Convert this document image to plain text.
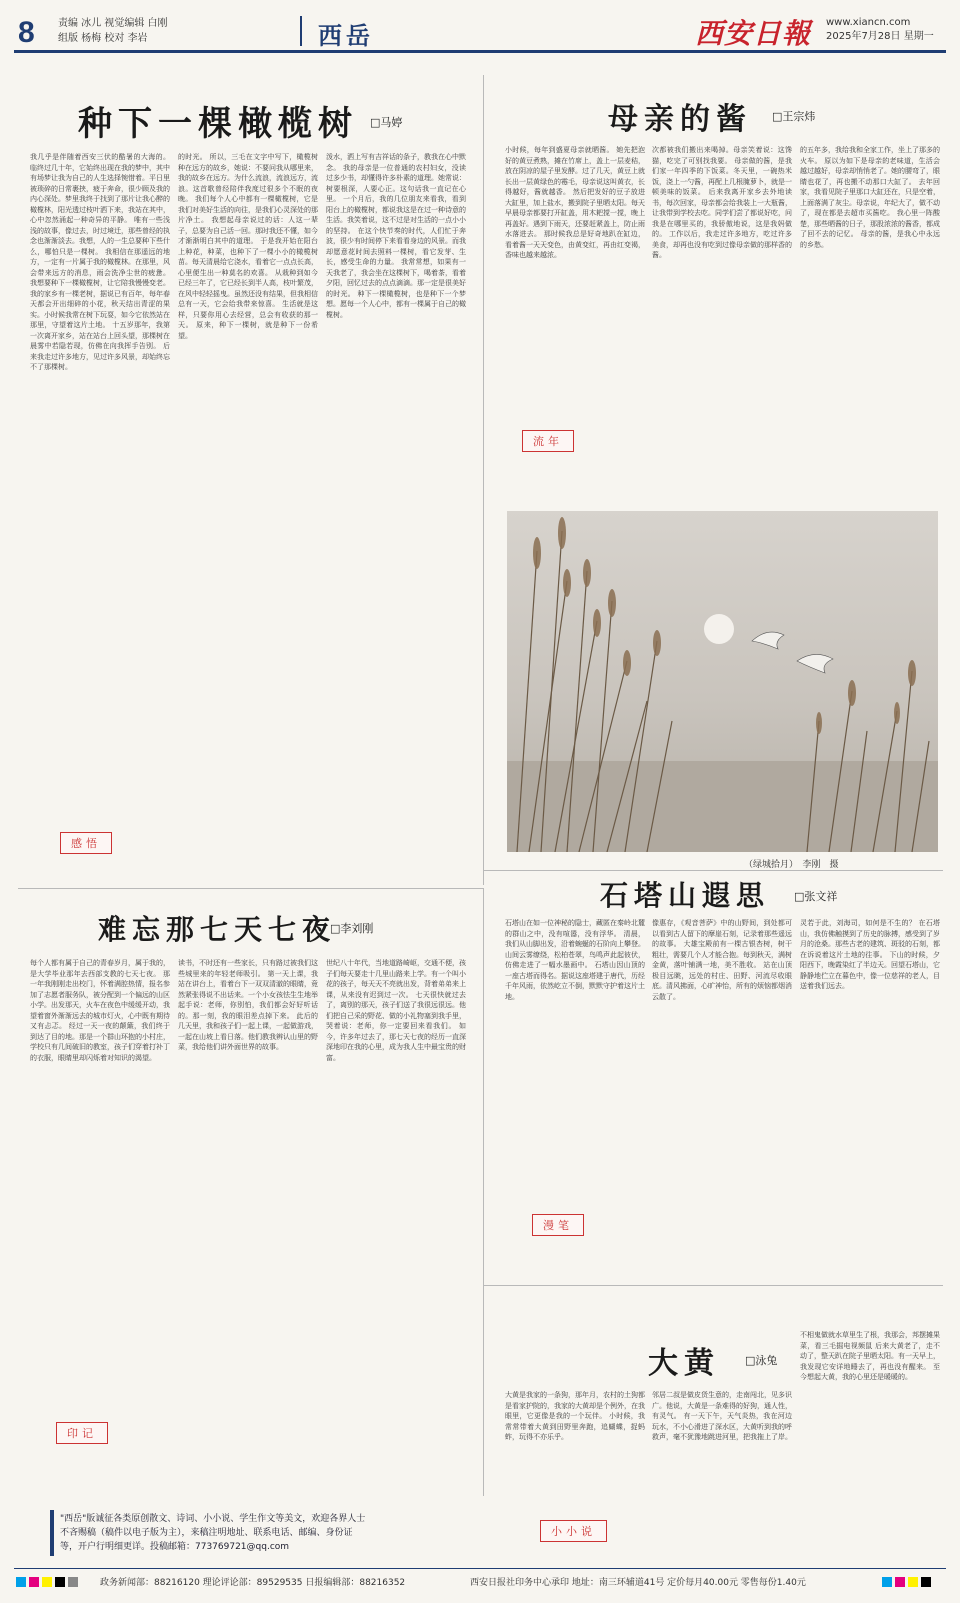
8 责编 冰儿 视觉编辑 白刚
组版 杨梅 校对 李岩	西岳	西安日報 www.xiancn.com
2025年7月28日 星期一
种下一棵橄榄树 □马婷
我几乎是伴随着西安三伏的酷暑的大海的。 临终过几十年，它始终出现在我的梦中，其中有场梦让我为自己的人生选择惋惜着。平日里被琐碎的日常裹挟，疲于奔命，很少顾及我的内心深处。梦里我终于找到了那片让我心醉的橄榄林，阳光透过枝叶洒下来，我站在其中，心中忽然涌起一种奇异的平静。 唯有一些浅浅的故事，像过去，时过境迁，那些曾经的执念也渐渐淡去。我想，人的一生总要种下些什么，哪怕只是一棵树。 我相信在那遥远的地方，一定有一片属于我的橄榄林。在那里，风会带来远方的消息，雨会洗净尘世的疲惫。 我想要种下一棵橄榄树，让它陪我慢慢变老。 我的家乡有一棵老树，据说已有百年，每年春天都会开出细碎的小花，秋天结出青涩的果实。小时候我常在树下玩耍，如今它依然站在那里，守望着这片土地。 十五岁那年，我第一次离开家乡，站在站台上回头望，那棵树在晨雾中若隐若现，仿佛在向我挥手告别。 后来我走过许多地方，见过许多风景，却始终忘不了那棵树。
的时光。 所以，三毛在文字中写下，橄榄树种在远方的故乡，她说：不要问我从哪里来，我的故乡在远方。为什么流浪，流浪远方，流浪。这首歌曾经陪伴我度过很多个不眠的夜晚。 我们每个人心中都有一棵橄榄树，它是我们对美好生活的向往，是我们心灵深处的那片净土。 我想起母亲说过的话：人这一辈子，总要为自己活一回。那时我还不懂，如今才渐渐明白其中的道理。 于是我开始在阳台上种花，种菜，也种下了一棵小小的橄榄树苗。每天清晨给它浇水，看着它一点点长高，心里便生出一种莫名的欢喜。 从栽种到如今已经三年了，它已经长到半人高，枝叶繁茂，在风中轻轻摇曳。虽然还没有结果，但我相信总有一天，它会给我带来惊喜。 生活就是这样，只要你用心去经营，总会有收获的那一天。 原来，种下一棵树，就是种下一份希望。
泼水，洒上写有吉祥话的条子，教我在心中默念。 我的母亲是一位普通的农村妇女，没读过多少书，却懂得许多朴素的道理。她常说：树要根深，人要心正。这句话我一直记在心里。 一个月后，我的几位朋友来看我，看到阳台上的橄榄树，都说我这是在过一种诗意的生活。我笑着说，这不过是对生活的一点小小的坚持。 在这个快节奏的时代，人们忙于奔波，很少有时间停下来看看身边的风景。而我却愿意花时间去照料一棵树，看它发芽、生长，感受生命的力量。 我常常想，如果有一天我老了，我会坐在这棵树下，喝着茶，看着夕阳，回忆过去的点点滴滴。那一定是很美好的时光。 种下一棵橄榄树，也是种下一个梦想。愿每一个人心中，都有一棵属于自己的橄榄树。
感悟
母亲的酱 □王宗炜
小时候，每年到盛夏母亲就晒酱。 她先把泡好的黄豆煮熟，摊在竹席上，盖上一层麦秸，放在阴凉的屋子里发酵。过了几天，黄豆上就长出一层黄绿色的霉毛，母亲说这叫黄衣，长得越好，酱就越香。 然后把发好的豆子放进大缸里，加上盐水，搬到院子里晒太阳。每天早晨母亲都要打开缸盖，用木耙搅一搅，晚上再盖好。遇到下雨天，还要赶紧盖上，防止雨水落进去。 那时候我总是好奇地趴在缸边，看着酱一天天变色，由黄变红，再由红变褐，香味也越来越浓。
次都被我们搬出来喝掉。母亲笑着说：这馋猫，吃完了可别找我要。 母亲做的酱，是我们家一年四季的下饭菜。冬天里，一碗热米饭，浇上一勺酱，再配上几根腌萝卜，就是一顿美味的饭菜。 后来我离开家乡去外地读书，每次回家，母亲都会给我装上一大瓶酱，让我带到学校去吃。同学们尝了都说好吃，问我是在哪里买的，我骄傲地说，这是我妈做的。 工作以后，我走过许多地方，吃过许多美食，却再也没有吃到过像母亲做的那样香的酱。
的五年多，我给我和全家工作，坐上了那多的火车。 原以为如下是母亲的老味道，生活会越过越好，母亲却悄悄老了。她的腰弯了，眼睛也花了，再也搬不动那口大缸了。 去年回家，我看见院子里那口大缸还在，只是空着，上面落满了灰尘。母亲说，年纪大了，做不动了，现在都是去超市买酱吃。 我心里一阵酸楚，那些晒酱的日子，那股浓浓的酱香，都成了回不去的记忆。 母亲的酱，是我心中永远的乡愁。
流年
（绿城拾月）　李刚　摄
难忘那七天七夜
□李刘刚
每个人都有属于自己的青春岁月，属于我的，是大学毕业那年去西部支教的七天七夜。 那一年我刚刚走出校门，怀着满腔热情，报名参加了志愿者服务队，被分配到一个偏远的山区小学。出发那天，火车在夜色中缓缓开动，我望着窗外渐渐远去的城市灯火，心中既有期待又有忐忑。 经过一天一夜的颠簸，我们终于到达了目的地。那是一个群山环抱的小村庄，学校只有几间破旧的教室，孩子们穿着打补丁的衣服，眼睛里却闪烁着对知识的渴望。
读书，不时还有一些家长，只有路过被我们这些城里来的年轻老师吸引。 第一天上课，我站在讲台上，看着台下一双双清澈的眼睛，竟然紧张得说不出话来。一个小女孩怯生生地举起手说：老师，你别怕，我们都会好好听话的。那一刻，我的眼泪差点掉下来。 此后的几天里，我和孩子们一起上课，一起做游戏，一起在山坡上看日落。他们教我辨认山里的野菜，我给他们讲外面世界的故事。
世纪八十年代，当地道路崎岖，交通不便，孩子们每天要走十几里山路来上学。有一个叫小花的孩子，每天天不亮就出发，背着弟弟来上课，从来没有迟到过一次。 七天很快就过去了，离别的那天，孩子们送了我很远很远。他们把自己采的野花、做的小礼物塞到我手里，哭着说：老师，你一定要回来看我们。 如今，许多年过去了，那七天七夜的经历一直深深地印在我的心里，成为我人生中最宝贵的财富。
印记
石塔山遐思 □张文祥
石塔山在如一位神秘的隐士，藏匿在秦岭北麓的群山之中，没有喧嚣，没有浮华。 清晨，我们从山脚出发，沿着蜿蜒的石阶向上攀登。山间云雾缭绕，松柏苍翠，鸟鸣声此起彼伏，仿佛走进了一幅水墨画中。 石塔山因山顶的一座古塔而得名。据说这座塔建于唐代，历经千年风雨，依然屹立不倒，默默守护着这片土地。
像惠存，《观音菩萨》中的山野间，到处都可以看到古人留下的摩崖石刻，记录着那些遥远的故事。 大雄宝殿前有一棵古银杏树，树干粗壮，需要几个人才能合抱。每到秋天，满树金黄，落叶铺满一地，美不胜收。 站在山顶极目远眺，远处的村庄、田野、河流尽收眼底。清风拂面，心旷神怡，所有的烦恼都烟消云散了。
灵若于此，刘海司，如何是不生的？ 在石塔山，我仿佛触摸到了历史的脉搏，感受到了岁月的沧桑。那些古老的建筑、斑驳的石刻，都在诉说着这片土地的往事。 下山的时候，夕阳西下，晚霞染红了半边天。回望石塔山，它静静地伫立在暮色中，像一位慈祥的老人，目送着我们远去。
漫笔
大黄 □泳兔
大黄是我家的一条狗，那年月，农村的土狗都是看家护院的，我家的大黄却是个例外，在我眼里，它更像是我的一个玩伴。 小时候，我常常带着大黄到田野里奔跑，追蝴蝶，捉蚂蚱，玩得不亦乐乎。
邻居二叔是做皮货生意的，走南闯北，见多识广。他说，大黄是一条难得的好狗，通人性，有灵气。 有一天下午，天气炎热，我在河边玩水，不小心滑进了深水区，大黄听到我的呼救声，毫不犹豫地跳进河里，把我拖上了岸。
不相鬼做就水草里生了根，我那会，邦摆摊果菜，看三毛掘电视频鼠 后来大黄老了，走不动了，整天趴在院子里晒太阳。有一天早上，我发现它安详地睡去了，再也没有醒来。 至今想起大黄，我的心里还是暖暖的。
小小说
"西岳"版诚征各类原创散文、诗词、小小说、学生作文等美文，欢迎各界人士不吝赐稿（稿件以电子版为主），来稿注明地址、联系电话、邮编、身份证等，开户行明细更详。投稿邮箱：773769721@qq.com
政务新闻部：88216120 理论评论部：89529535 日报编辑部：88216352	西安日报社印务中心承印 地址：南三环辅道41号 定价每月40.00元 零售每份1.40元
